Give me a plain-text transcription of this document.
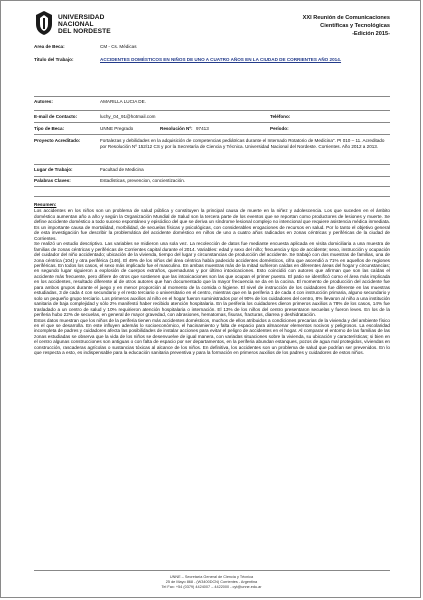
UNIVERSIDAD
NACIONAL
DEL NORDESTE
XXI Reunión de Comunicaciones
Científicas y Tecnológicas
-Edición 2015-
Area de Beca:	CM - Cs. Médicas
Titulo del Trabajo:	ACCIDENTES DOMÉSTICOS EN NIÑOS DE UNO A CUATRO AÑOS EN LA CIUDAD DE CORRIENTES AÑO 2014.
Autores:	AMARILLA LUCIA DE.
E-mail de Contacto:	luchy_04_91@hotmail.com	Teléfono:
Tipo de Beca:	UNNE Pregrado	Resolución Nº: 97413	Período:
Proyecto Acreditado:	Fortalezas y debilidades en la adquisición de competencias pediátricas durante el Internado Rotatorio de Medicina". PI 010 – 11. Acreditado por Resolución Nº 152/12 CS y por la Secretaría de Ciencia y Técnica. Universidad Nacional del Nordeste. Corrientes. Año 2012 a 2013.
Lugar de Trabajo:	Facultad de Medicina
Palabras Claves:	Estadísticas, prevencion, concientización.
Resumen:

Los accidentes en los niños son un problema de salud pública y constituyen la principal causa de muerte en la niñez y adolescencia. Los que suceden en el ámbito doméstico aumentan año a año y según la Organización Mundial de Salud son la tercera parte de los eventos que se reportan como productores de lesiones y muerte. Se define accidente doméstico a todo suceso espontáneo y episódico del que se deriva un síndrome lesional complejo no intencional que requiere asistencia médica inmediata. Es un importante causa de mortalidad, morbilidad, de secuelas físicas y psicológicas, con considerables erogaciones de recursos en salud. Por lo tanto el objetivo general de esta investigación fue describir la problemática del accidente doméstico en niños de uno a cuatro años radicados en zonas céntricas y periféricas de la ciudad de Corrientes.

Se realizó un estudio descriptivo. Las variables se midieron una sola vez. La recolección de datos fue mediante encuesta aplicada en visita domiciliaria a una muestra de familias de zonas céntricas y periféricas de Corrientes capital durante el 2014. Variables: edad y sexo del niño; frecuencia y tipo de accidente; sexo, instrucción y ocupación del cuidador del niño accidentado; ubicación de la vivienda, tiempo del lugar y circunstancias de producción del accidente. Se trabajó con dos muestras de familias, una de zona céntrica (104) y otra periférica (146). El 49% de los niños del área céntrica había padecido accidentes domésticos, cifra que ascendió a 71% en aquellos de regiones periféricas. En todos los casos, el sexo más implicado fue el masculino. En ambas muestras más de la mitad sufrieron caídas en diferentes áreas del hogar y circunstancias; en segundo lugar siguieron a explosión de cuerpos extraños, quemaduras y por último intoxicaciones. Esto coincidió con autores que afirman que son las caídas el accidente más frecuente, pero difiere de otros que sostienen que las intoxicaciones son las que ocupan el primer puesto. El patio se identificó como el área más implicada en los accidentes, resultado diferente al de otros autores que han documentado que la mayor frecuencia se da en la cocina. El momento de producción del accidente fue para ambos grupos durante el juego y en menor proporción al momento de la comida o higiene. El nivel de instrucción de los cuidadores fue diferente en las muestras estudiadas, 3 de cada 4 con secundario y el resto terciario o universitario en el centro, mientras que en la periferia 1 de cada 4 con instrucción primaria, alguno secundario y solo un pequeño grupo terciario. Los primeros auxilios al niño en el hogar fueron suministrados por el 90% de los cuidadores del centro, 8% llevaron al niño a una institución sanitaria de baja complejidad y sólo 2% manifestó haber recibido atención hospitalaria. En la periferia los cuidadores dieron primeros auxilios a 78% de los casos, 14% fue trasladado a un centro de salud y 10% requirieron atención hospitalaria o internación. El 13% de los niños del centro presentaron secuelas y fueron leves. En los de la periferia hubo 22% de secuelas, en general de mayor gravedad, con abrasiones, hematomas, fisuras, fracturas, diarrea y deshidratación.

Estos datos muestran que los niños de la periferia tienen más accidentes domésticos, muchos de ellos atribuidos a condiciones precarias de la vivienda y del ambiente físico en el que se desarrolla. En este influyen además lo socioeconómico, el hacinamiento y falta de espacio para almacenar elementos nocivos y peligrosos. La escolaridad incompleta de padres y cuidadores afecta las posibilidades de instalar acciones para evitar el peligro de accidentes en el hogar. Al comparar el entorno de las familias de las zonas estudiadas se observa que la vida de los niños se desenvuelve de igual manera, con variadas situaciones sobre la vivienda, su ubicación y características; si bien en el centro algunas construcciones son antiguas o con falta de espacio por ser departamentos, en la periferia abundan estanques, pozos de agua mal protegidos, viviendas en construcción, rascaderas agrícolas o sustancias tóxicas al alcance de los niños. En definitiva, los accidentes son un problema de salud que podrían ser prevenidos. En lo que respecta a esto, es indispensable para la educación sanitaria preventiva y para la formación en primeros auxilios de los padres y cuidadores de estos niños.

UNNE – Secretaría General de Ciencia y Técnica
25 de Mayo 868 - (W3400DCN) Corrientes - Argentina
Tel Fax: +54 (0379) 4424007 – 4422000 - cyt@unne.edu.ar
